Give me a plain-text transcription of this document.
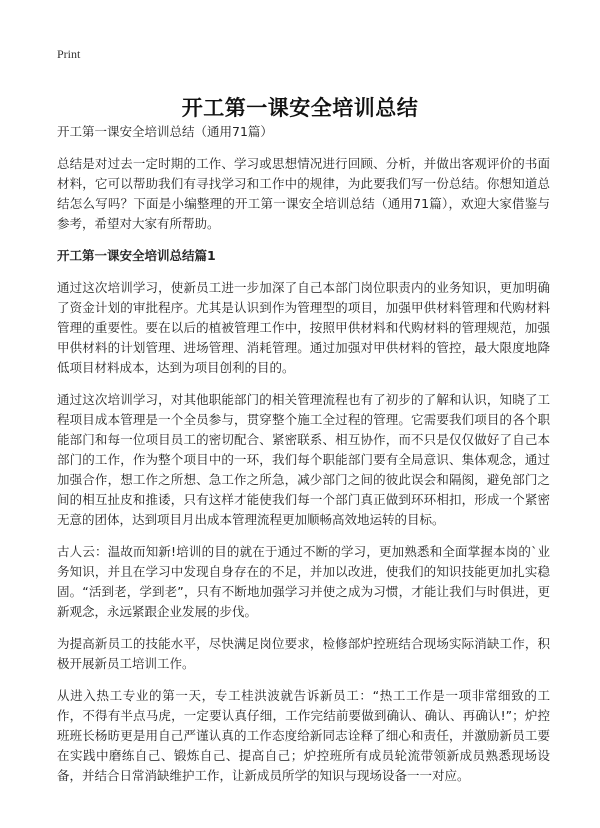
Print
开工第一课安全培训总结

开工第一课安全培训总结（通用71篇）

总结是对过去一定时期的工作、学习或思想情况进行回顾、分析，并做出客观评价的书面材料，它可以帮助我们有寻找学习和工作中的规律，为此要我们写一份总结。你想知道总结怎么写吗？下面是小编整理的开工第一课安全培训总结（通用71篇），欢迎大家借鉴与参考，希望对大家有所帮助。

开工第一课安全培训总结篇1

通过这次培训学习，使新员工进一步加深了自己本部门岗位职责内的业务知识，更加明确了资金计划的审批程序。尤其是认识到作为管理型的项目，加强甲供材料管理和代购材料管理的重要性。要在以后的植被管理工作中，按照甲供材料和代购材料的管理规范，加强甲供材料的计划管理、进场管理、消耗管理。通过加强对甲供材料的管控，最大限度地降低项目材料成本，达到为项目创利的目的。

通过这次培训学习，对其他职能部门的相关管理流程也有了初步的了解和认识，知晓了工程项目成本管理是一个全员参与，贯穿整个施工全过程的管理。它需要我们项目的各个职能部门和每一位项目员工的密切配合、紧密联系、相互协作，而不只是仅仅做好了自己本部门的工作，作为整个项目中的一环，我们每个职能部门要有全局意识、集体观念，通过加强合作，想工作之所想、急工作之所急，减少部门之间的彼此误会和隔阂，避免部门之间的相互扯皮和推诿，只有这样才能使我们每一个部门真正做到环环相扣，形成一个紧密无意的团体，达到项目月出成本管理流程更加顺畅高效地运转的目标。

古人云：温故而知新!培训的目的就在于通过不断的学习，更加熟悉和全面掌握本岗的`业务知识，并且在学习中发现自身存在的不足，并加以改进，使我们的知识技能更加扎实稳固。“活到老，学到老”，只有不断地加强学习并使之成为习惯，才能让我们与时俱进，更新观念，永远紧跟企业发展的步伐。

为提高新员工的技能水平，尽快满足岗位要求，检修部炉控班结合现场实际消缺工作，积极开展新员工培训工作。

从进入热工专业的第一天，专工桂洪波就告诉新员工：“热工工作是一项非常细致的工作，不得有半点马虎，一定要认真仔细，工作完结前要做到确认、确认、再确认!”；炉控班班长杨昉更是用自己严谨认真的工作态度给新同志诠释了细心和责任，并激励新员工要在实践中磨练自己、锻炼自己、提高自己；炉控班所有成员轮流带领新成员熟悉现场设备，并结合日常消缺维护工作，让新成员所学的知识与现场设备一一对应。
